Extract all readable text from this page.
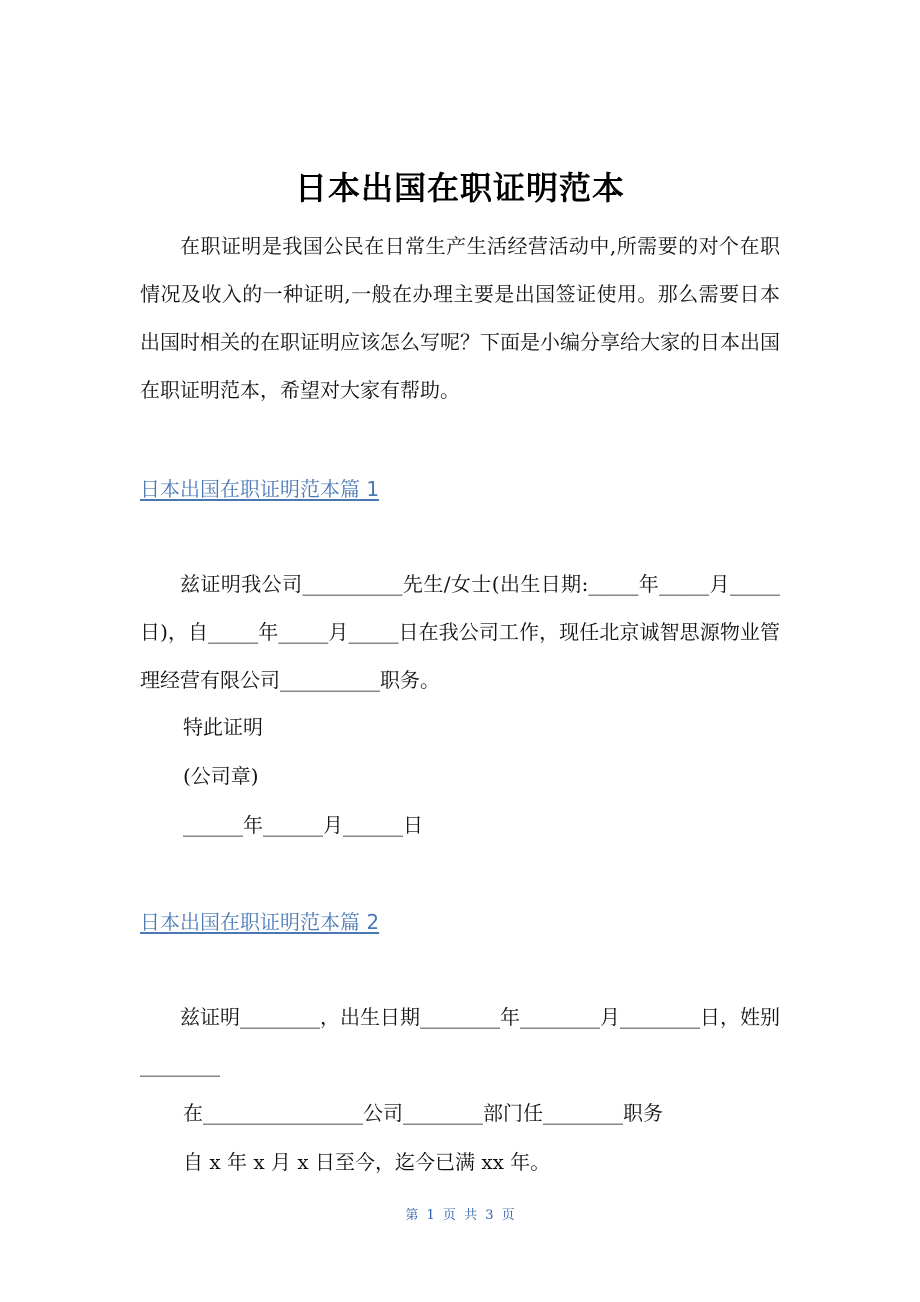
日本出国在职证明范本

在职证明是我国公民在日常生产生活经营活动中,所需要的对个在职情况及收入的一种证明,一般在办理主要是出国签证使用。那么需要日本出国时相关的在职证明应该怎么写呢？下面是小编分享给大家的日本出国在职证明范本，希望对大家有帮助。

日本出国在职证明范本篇 1

兹证明我公司__________先生/女士(出生日期:_____年_____月_____日)，自_____年_____月_____日在我公司工作，现任北京诚智思源物业管理经营有限公司__________职务。

特此证明

(公司章)

______年______月______日

日本出国在职证明范本篇 2

兹证明________，出生日期________年________月________日，姓别________

在________________公司________部门任________职务

自 x 年 x 月 x 日至今，迄今已满 xx 年。

第 1 页 共 3 页
